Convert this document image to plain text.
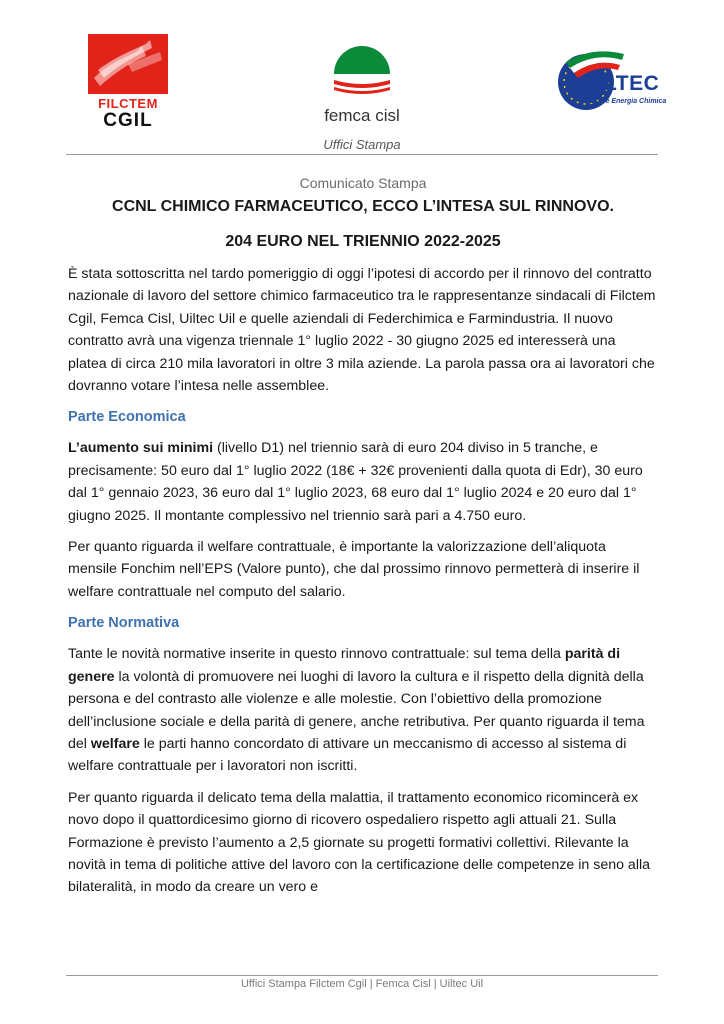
FILCTEM
CGIL	femca cisl
UILTEC
Tessile Energia Chimica
Uffici Stampa

Comunicato Stampa

CCNL CHIMICO FARMACEUTICO, ECCO L’INTESA SUL RINNOVO.
204 EURO NEL TRIENNIO 2022-2025

È stata sottoscritta nel tardo pomeriggio di oggi l’ipotesi di accordo per il rinnovo del contratto nazionale di lavoro del settore chimico farmaceutico tra le rappresentanze sindacali di Filctem Cgil, Femca Cisl, Uiltec Uil e quelle aziendali di Federchimica e Farmindustria. Il nuovo contratto avrà una vigenza triennale 1° luglio 2022 - 30 giugno 2025 ed interesserà una platea di circa 210 mila lavoratori in oltre 3 mila aziende. La parola passa ora ai lavoratori che dovranno votare l’intesa nelle assemblee.

Parte Economica

L’aumento sui minimi (livello D1) nel triennio sarà di euro 204 diviso in 5 tranche, e precisamente: 50 euro dal 1° luglio 2022 (18€ + 32€ provenienti dalla quota di Edr), 30 euro dal 1° gennaio 2023, 36 euro dal 1° luglio 2023, 68 euro dal 1° luglio 2024 e 20 euro dal 1° giugno 2025. Il montante complessivo nel triennio sarà pari a 4.750 euro.

Per quanto riguarda il welfare contrattuale, è importante la valorizzazione dell’aliquota mensile Fonchim nell’EPS (Valore punto), che dal prossimo rinnovo permetterà di inserire il welfare contrattuale nel computo del salario.

Parte Normativa

Tante le novità normative inserite in questo rinnovo contrattuale: sul tema della parità di genere la volontà di promuovere nei luoghi di lavoro la cultura e il rispetto della dignità della persona e del contrasto alle violenze e alle molestie. Con l’obiettivo della promozione dell’inclusione sociale e della parità di genere, anche retributiva. Per quanto riguarda il tema del welfare le parti hanno concordato di attivare un meccanismo di accesso al sistema di welfare contrattuale per i lavoratori non iscritti.

Per quanto riguarda il delicato tema della malattia, il trattamento economico ricomincerà ex novo dopo il quattordicesimo giorno di ricovero ospedaliero rispetto agli attuali 21. Sulla Formazione è previsto l’aumento a 2,5 giornate su progetti formativi collettivi. Rilevante la novità in tema di politiche attive del lavoro con la certificazione delle competenze in seno alla bilateralità, in modo da creare un vero e

Uffici Stampa Filctem Cgil | Femca Cisl | Uiltec Uil
